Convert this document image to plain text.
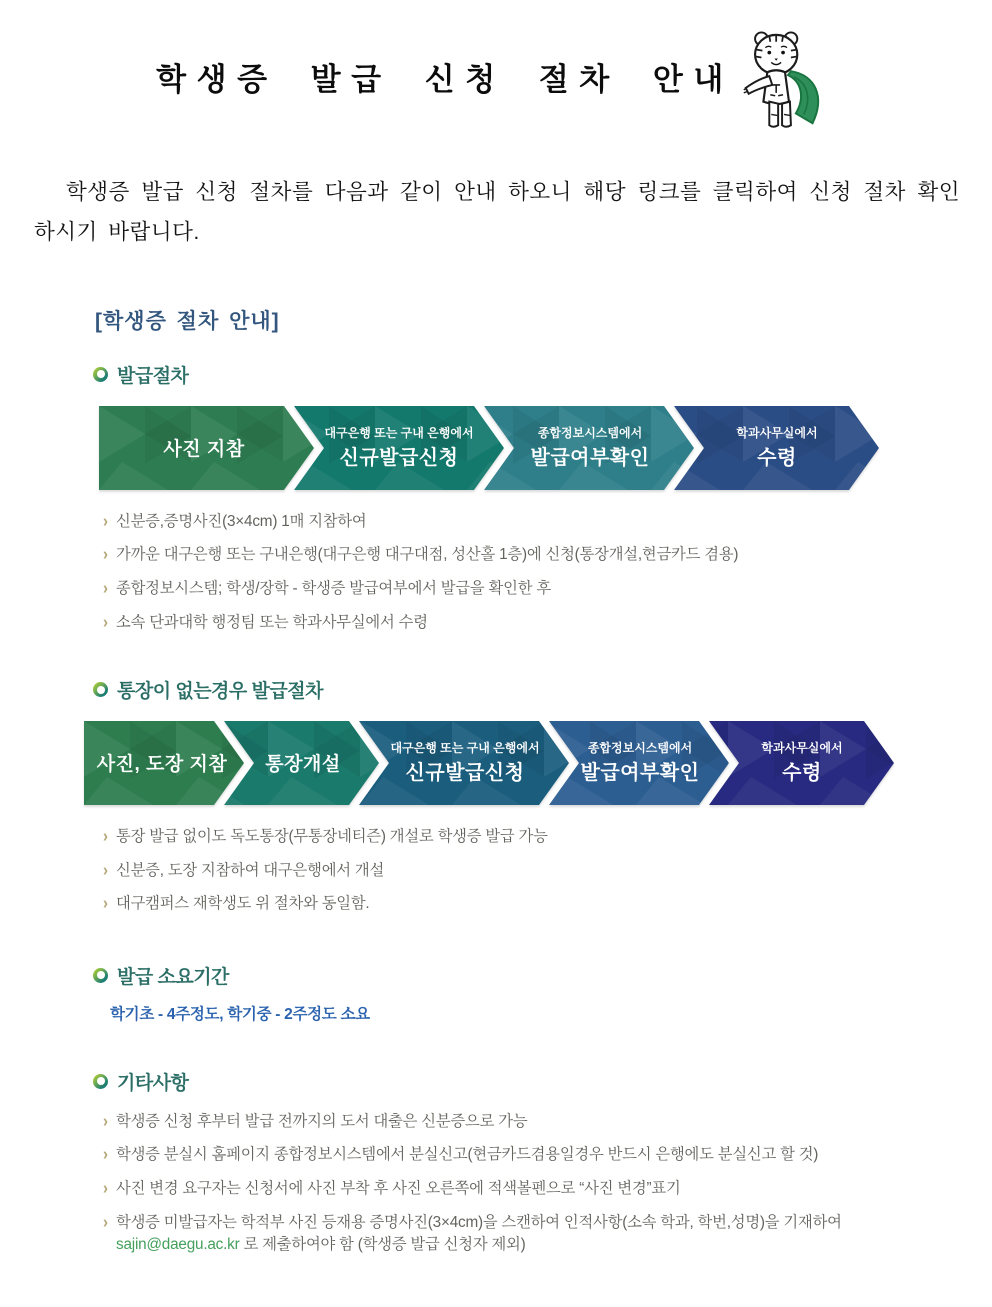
학생증 발급 신청 절차 안내

학생증 발급 신청 절차를 다음과 같이 안내 하오니 해당 링크를 클릭하여 신청 절차 확인하시기 바랍니다.

[학생증 절차 안내]
발급절차
사진 지참
대구은행 또는 구내 은행에서
신규발급신청
종합정보시스템에서
발급여부확인
학과사무실에서
수령
› 신분증,증명사진(3×4cm) 1매 지참하여
› 가까운 대구은행 또는 구내은행(대구은행 대구대점, 성산홀 1층)에 신청(통장개설,현금카드 겸용)
› 종합정보시스템; 학생/장학 - 학생증 발급여부에서 발급을 확인한 후
› 소속 단과대학 행정팀 또는 학과사무실에서 수령
통장이 없는경우 발급절차
사진, 도장 지참 통장개설
대구은행 또는 구내 은행에서
신규발급신청
종합정보시스템에서
발급여부확인
학과사무실에서
수령
› 통장 발급 없이도 독도통장(무통장네티즌) 개설로 학생증 발급 가능
› 신분증, 도장 지참하여 대구은행에서 개설
› 대구캠퍼스 재학생도 위 절차와 동일함.
발급 소요기간

학기초 - 4주정도, 학기중 - 2주정도 소요

기타사항
› 학생증 신청 후부터 발급 전까지의 도서 대출은 신분증으로 가능
› 학생증 분실시 홈페이지 종합정보시스템에서 분실신고(현금카드겸용일경우 반드시 은행에도 분실신고 할 것)
› 사진 변경 요구자는 신청서에 사진 부착 후 사진 오른쪽에 적색볼펜으로 “사진 변경”표기
› 학생증 미발급자는 학적부 사진 등재용 증명사진(3×4cm)을 스캔하여 인적사항(소속 학과, 학번,성명)을 기재하여 sajin@daegu.ac.kr 로 제출하여야 함 (학생증 발급 신청자 제외)
